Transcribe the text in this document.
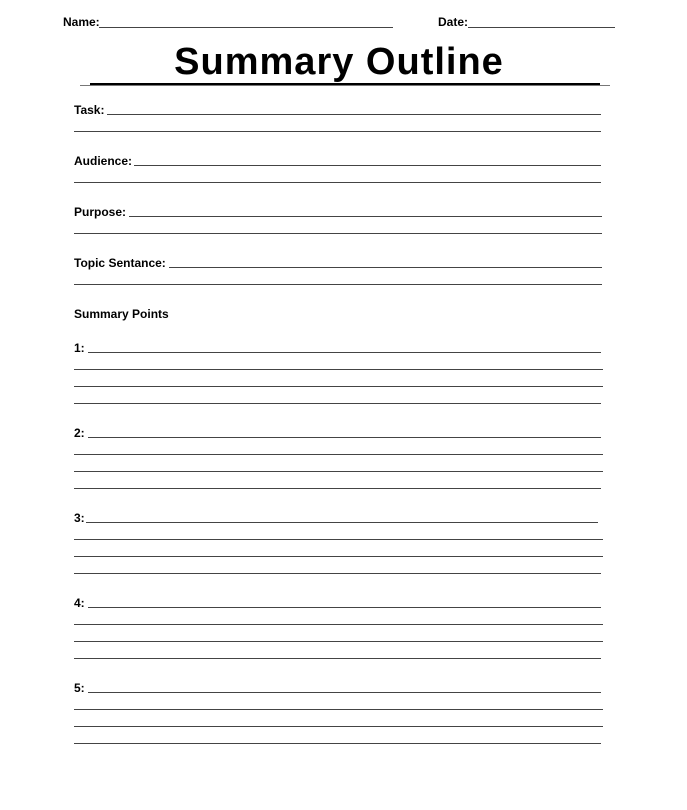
Name:	Date:
Summary Outline
Task:
Audience:
Purpose:
Topic Sentance:
Summary Points
1:
2:
3:
4:
5:
